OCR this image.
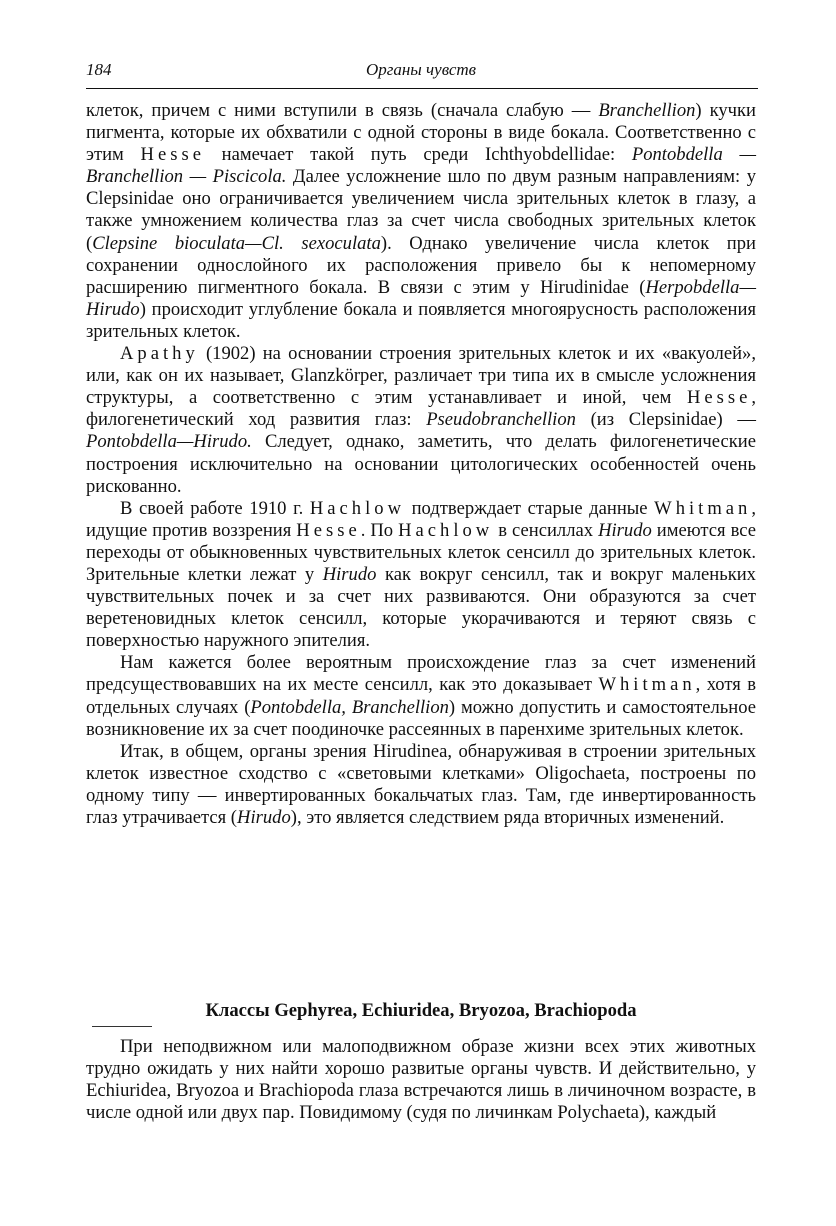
184	Органы чувств

клеток, причем с ними вступили в связь (сначала слабую — Branchellion) кучки пигмента, которые их обхватили с одной стороны в виде бокала. Соответственно с этим Hesse намечает такой путь среди Ichthyobdellidae: Pontobdella — Branchellion — Piscicola. Далее усложнение шло по двум разным направлениям: у Clepsinidae оно ограничивается увеличением числа зрительных клеток в глазу, а также умножением количества глаз за счет числа свободных зрительных клеток (Clepsine bioculata—Cl. sexoculata). Однако увеличение числа клеток при сохранении однослойного их расположения привело бы к непомерному расширению пигментного бокала. В связи с этим у Hirudinidae (Herpobdella—Hirudo) происходит углубление бокала и появляется многоярусность расположения зрительных клеток.

Apathy (1902) на основании строения зрительных клеток и их «вакуолей», или, как он их называет, Glanzkörper, различает три типа их в смысле усложнения структуры, а соответственно с этим устанавливает и иной, чем Hesse, филогенетический ход развития глаз: Pseudobranchellion (из Clepsinidae) — Pontobdella—Hirudo. Следует, однако, заметить, что делать филогенетические построения исключительно на основании цитологических особенностей очень рискованно.

В своей работе 1910 г. Hachlow подтверждает старые данные Whitman, идущие против воззрения Hesse. По Hachlow в сенсиллах Hirudo имеются все переходы от обыкновенных чувствительных клеток сенсилл до зрительных клеток. Зрительные клетки лежат у Hirudo как вокруг сенсилл, так и вокруг маленьких чувствительных почек и за счет них развиваются. Они образуются за счет веретеновидных клеток сенсилл, которые укорачиваются и теряют связь с поверхностью наружного эпителия.

Нам кажется более вероятным происхождение глаз за счет изменений предсуществовавших на их месте сенсилл, как это доказывает Whitman, хотя в отдельных случаях (Pontobdella, Branchellion) можно допустить и самостоятельное возникновение их за счет поодиночке рассеянных в паренхиме зрительных клеток.

Итак, в общем, органы зрения Hirudinea, обнаруживая в строении зрительных клеток известное сходство с «световыми клетками» Oligochaeta, построены по одному типу — инвертированных бокальчатых глаз. Там, где инвертированность глаз утрачивается (Hirudo), это является следствием ряда вторичных изменений.

Классы Gephyrea, Echiuridea, Bryozoa, Brachiopoda

При неподвижном или малоподвижном образе жизни всех этих животных трудно ожидать у них найти хорошо развитые органы чувств. И действительно, у Echiuridea, Bryozoa и Brachiopoda глаза встречаются лишь в личиночном возрасте, в числе одной или двух пар. Повидимому (судя по личинкам Polychaeta), каждый
